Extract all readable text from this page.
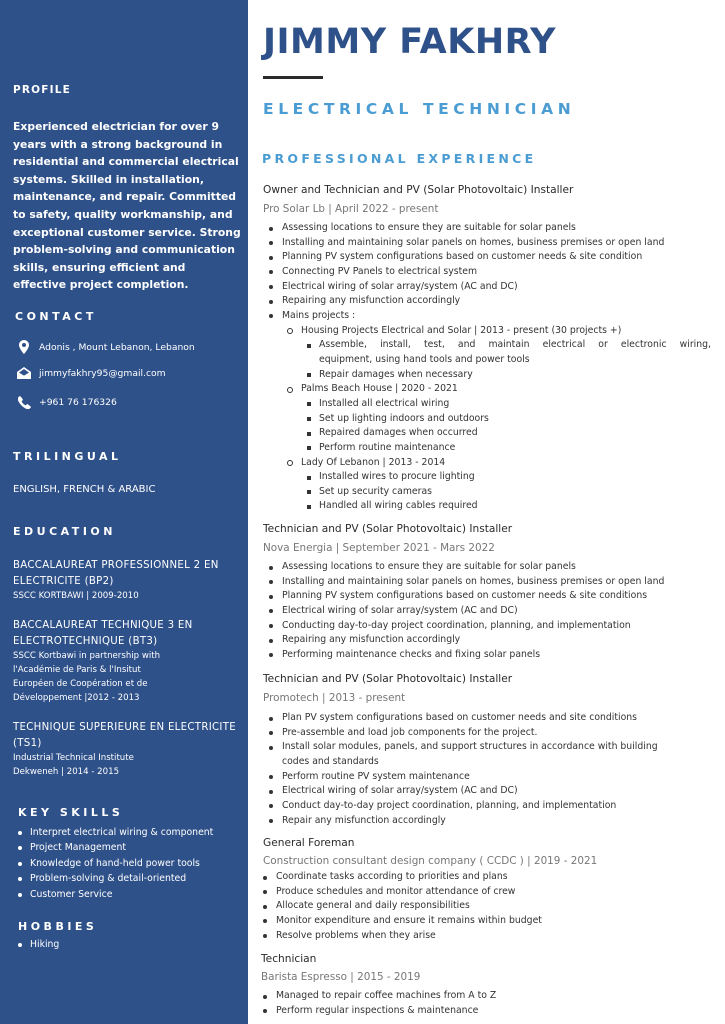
PROFILE
Experienced electrician for over 9 years with a strong background in residential and commercial electrical systems. Skilled in installation, maintenance, and repair. Committed to safety, quality workmanship, and exceptional customer service. Strong problem-solving and communication skills, ensuring efficient and effective project completion.
CONTACT
Adonis , Mount Lebanon, Lebanon
jimmyfakhry95@gmail.com
+961 76 176326
TRILINGUAL
ENGLISH, FRENCH & ARABIC
EDUCATION
BACCALAUREAT PROFESSIONNEL 2 EN ELECTRICITE (BP2)
SSCC KORTBAWI | 2009-2010
BACCALAUREAT TECHNIQUE 3 EN ELECTROTECHNIQUE (BT3)
SSCC Kortbawi in partnership with
l'Académie de Paris & l'Insitut
Européen de Coopération et de
Développement |2012 - 2013
TECHNIQUE SUPERIEURE EN ELECTRICITE (TS1)
Industrial Technical Institute
Dekweneh | 2014 - 2015
KEY SKILLS
Interpret electrical wiring & component
Project Management
Knowledge of hand-held power tools
Problem-solving & detail-oriented
Customer Service
HOBBIES
Hiking
JIMMY FAKHRY
ELECTRICAL TECHNICIAN
PROFESSIONAL EXPERIENCE
Owner and Technician and PV (Solar Photovoltaic) Installer
Pro Solar Lb | April 2022 - present
Assessing locations to ensure they are suitable for solar panels
Installing and maintaining solar panels on homes, business premises or open land
Planning PV system configurations based on customer needs & site condition
Connecting PV Panels to electrical system
Electrical wiring of solar array/system (AC and DC)
Repairing any misfunction accordingly
Mains projects :
Housing Projects Electrical and Solar | 2013 - present (30 projects +)
Assemble, install, test, and maintain electrical or electronic wiring,
equipment, using hand tools and power tools
Repair damages when necessary
Palms Beach House | 2020 - 2021
Installed all electrical wiring
Set up lighting indoors and outdoors
Repaired damages when occurred
Perform routine maintenance
Lady Of Lebanon | 2013 - 2014
Installed wires to procure lighting
Set up security cameras
Handled all wiring cables required
Technician and PV (Solar Photovoltaic) Installer
Nova Energia | September 2021 - Mars 2022
Assessing locations to ensure they are suitable for solar panels
Installing and maintaining solar panels on homes, business premises or open land
Planning PV system configurations based on customer needs & site conditions
Electrical wiring of solar array/system (AC and DC)
Conducting day-to-day project coordination, planning, and implementation
Repairing any misfunction accordingly
Performing maintenance checks and fixing solar panels
Technician and PV (Solar Photovoltaic) Installer
Promotech | 2013 - present
Plan PV system configurations based on customer needs and site conditions
Pre-assemble and load job components for the project.
Install solar modules, panels, and support structures in accordance with building
codes and standards
Perform routine PV system maintenance
Electrical wiring of solar array/system (AC and DC)
Conduct day-to-day project coordination, planning, and implementation
Repair any misfunction accordingly
General Foreman
Construction consultant design company ( CCDC ) | 2019 - 2021
Coordinate tasks according to priorities and plans
Produce schedules and monitor attendance of crew
Allocate general and daily responsibilities
Monitor expenditure and ensure it remains within budget
Resolve problems when they arise
Technician
Barista Espresso | 2015 - 2019
Managed to repair coffee machines from A to Z
Perform regular inspections & maintenance
